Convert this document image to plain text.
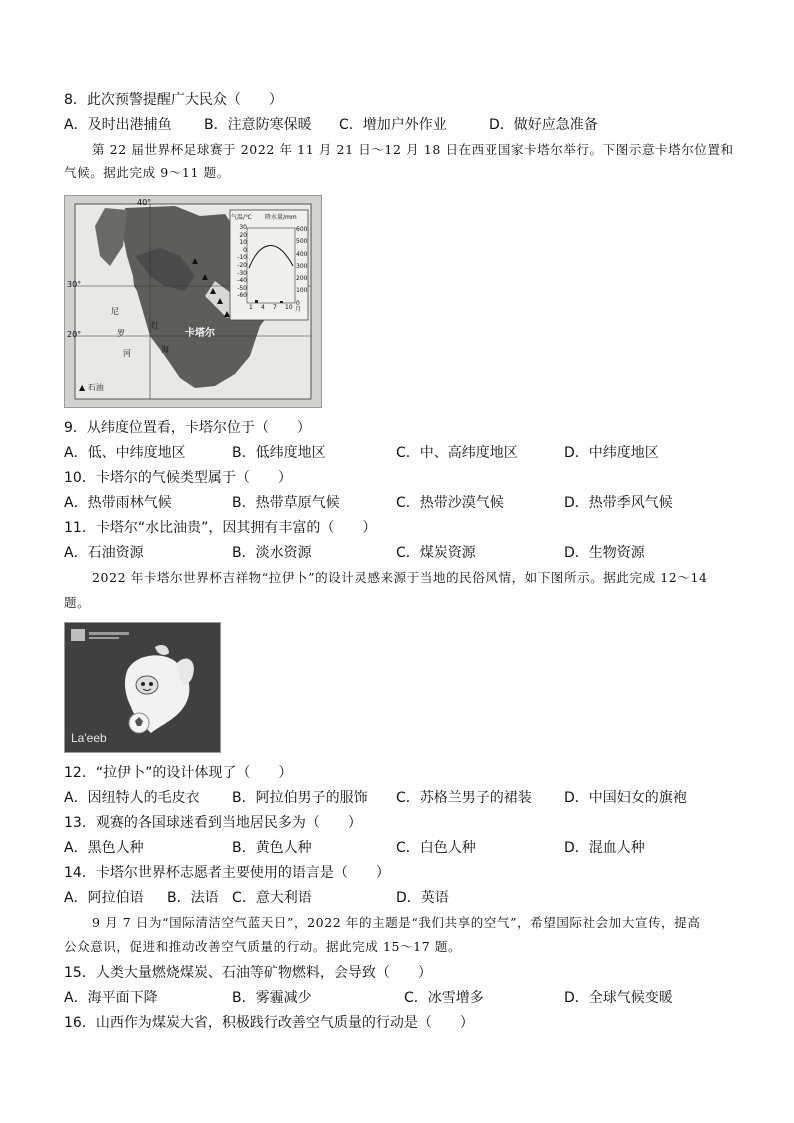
8．此次预警提醒广大民众（　　）
A．及时出港捕鱼 B．注意防寒保暖 C．增加户外作业	D．做好应急准备
第 22 届世界杯足球赛于 2022 年 11 月 21 日～12 月 18 日在西亚国家卡塔尔举行。下图示意卡塔尔位置和
气候。据此完成 9～11 题。
40°
30°
20°	卡塔尔
尼
罗
河
红
海
▲ 石油
气温/℃ 降水量/mm
30
20
10
0
-10
-20
-30
-40
-50
-60
600
500
400
300
200
100
0
1 4 7 10 月
9．从纬度位置看，卡塔尔位于（　　）
A．低、中纬度地区	B．低纬度地区	C．中、高纬度地区	D．中纬度地区
10．卡塔尔的气候类型属于（　　）
A．热带雨林气候	B．热带草原气候	C．热带沙漠气候	D．热带季风气候
11．卡塔尔“水比油贵”，因其拥有丰富的（　　）
A．石油资源	B．淡水资源	C．煤炭资源	D．生物资源
2022 年卡塔尔世界杯吉祥物“拉伊卜”的设计灵感来源于当地的民俗风情，如下图所示。据此完成 12～14
题。
La'eeb
12．“拉伊卜”的设计体现了（　　）
A．因纽特人的毛皮衣 B．阿拉伯男子的服饰 C．苏格兰男子的裙装 D．中国妇女的旗袍
13．观赛的各国球迷看到当地居民多为（　　）
A．黑色人种	B．黄色人种	C．白色人种	D．混血人种
14．卡塔尔世界杯志愿者主要使用的语言是（　　）
A．阿拉伯语 B．法语 C．意大利语	D．英语
9 月 7 日为“国际清洁空气蓝天日”，2022 年的主题是“我们共享的空气”，希望国际社会加大宣传，提高
公众意识，促进和推动改善空气质量的行动。据此完成 15～17 题。
15．人类大量燃烧煤炭、石油等矿物燃料，会导致（　　）
A．海平面下降	B．雾霾减少	C．冰雪增多	D．全球气候变暖
16．山西作为煤炭大省，积极践行改善空气质量的行动是（　　）
